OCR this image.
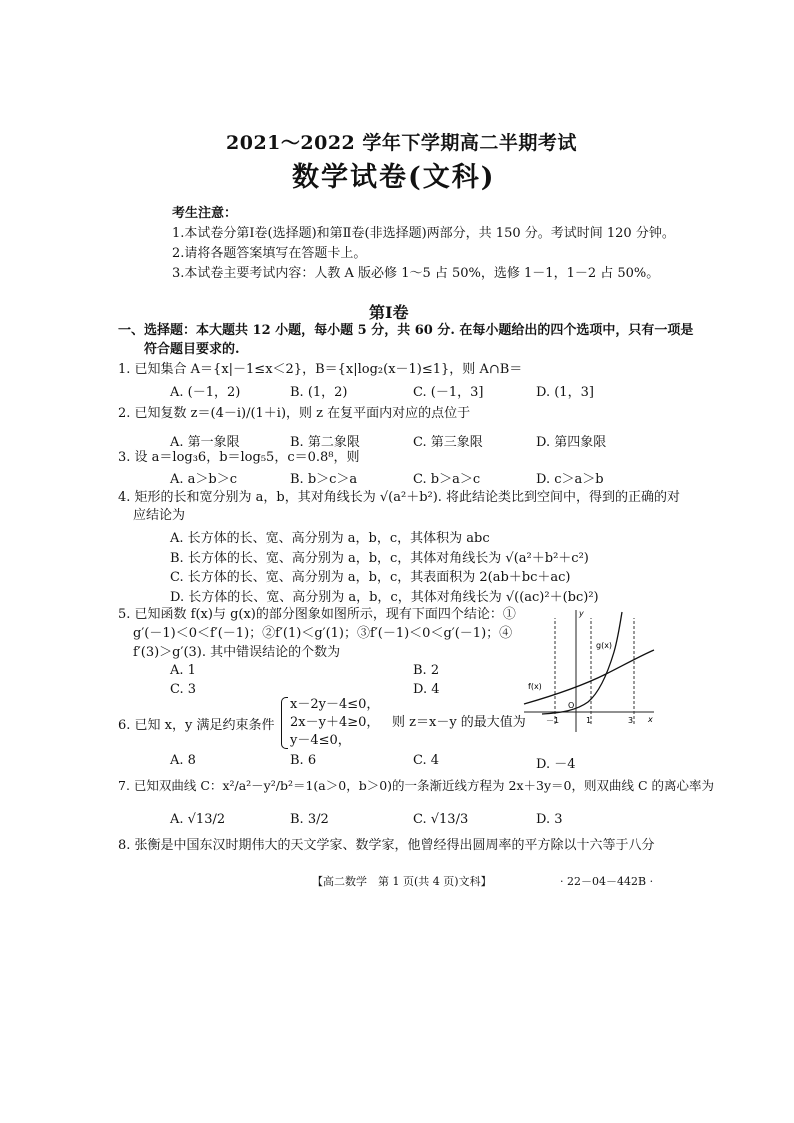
2021～2022 学年下学期高二半期考试
数学试卷(文科)
考生注意：
1.本试卷分第Ⅰ卷(选择题)和第Ⅱ卷(非选择题)两部分，共 150 分。考试时间 120 分钟。
2.请将各题答案填写在答题卡上。
3.本试卷主要考试内容：人教 A 版必修 1～5 占 50%，选修 1－1，1－2 占 50%。
第Ⅰ卷
一、选择题：本大题共 12 小题，每小题 5 分，共 60 分. 在每小题给出的四个选项中，只有一项是
符合题目要求的.
1. 已知集合 A＝{x|－1≤x＜2}，B＝{x|log₂(x－1)≤1}，则 A∩B＝
A. (－1，2)	B. (1，2)	C. (－1，3]	D. (1，3]
2. 已知复数 z＝(4－i)/(1＋i)，则 z 在复平面内对应的点位于
A. 第一象限	B. 第二象限	C. 第三象限	D. 第四象限
3. 设 a＝log₃6，b＝log₅5，c＝0.8⁸，则
A. a＞b＞c	B. b＞c＞a	C. b＞a＞c	D. c＞a＞b
4. 矩形的长和宽分别为 a，b，其对角线长为 √(a²＋b²). 将此结论类比到空间中，得到的正确的对
应结论为
A. 长方体的长、宽、高分别为 a，b，c，其体积为 abc
B. 长方体的长、宽、高分别为 a，b，c，其体对角线长为 √(a²＋b²＋c²)
C. 长方体的长、宽、高分别为 a，b，c，其表面积为 2(ab＋bc＋ac)
D. 长方体的长、宽、高分别为 a，b，c，其体对角线长为 √((ac)²＋(bc)²)
5. 已知函数 f(x)与 g(x)的部分图象如图所示，现有下面四个结论：①
g′(－1)＜0＜f′(－1)；②f′(1)＜g′(1)；③f′(－1)＜0＜g′(－1)；④
f′(3)＞g′(3). 其中错误结论的个数为
A. 1	B. 2
C. 3	D. 4	f(x)
g(x)
O
－1	1	3 x
y
6. 已知 x，y 满足约束条件
x－2y－4≤0，
2x－y＋4≥0，
y－4≤0，
则 z＝x－y 的最大值为
A. 8	B. 6	C. 4	D. －4
7. 已知双曲线 C：x²/a²－y²/b²＝1(a＞0，b＞0)的一条渐近线方程为 2x＋3y＝0，则双曲线 C 的离心率为
A. √13/2	B. 3/2	C. √13/3	D. 3
8. 张衡是中国东汉时期伟大的天文学家、数学家，他曾经得出圆周率的平方除以十六等于八分
【高二数学　第 1 页(共 4 页)文科】	· 22－04－442B ·
